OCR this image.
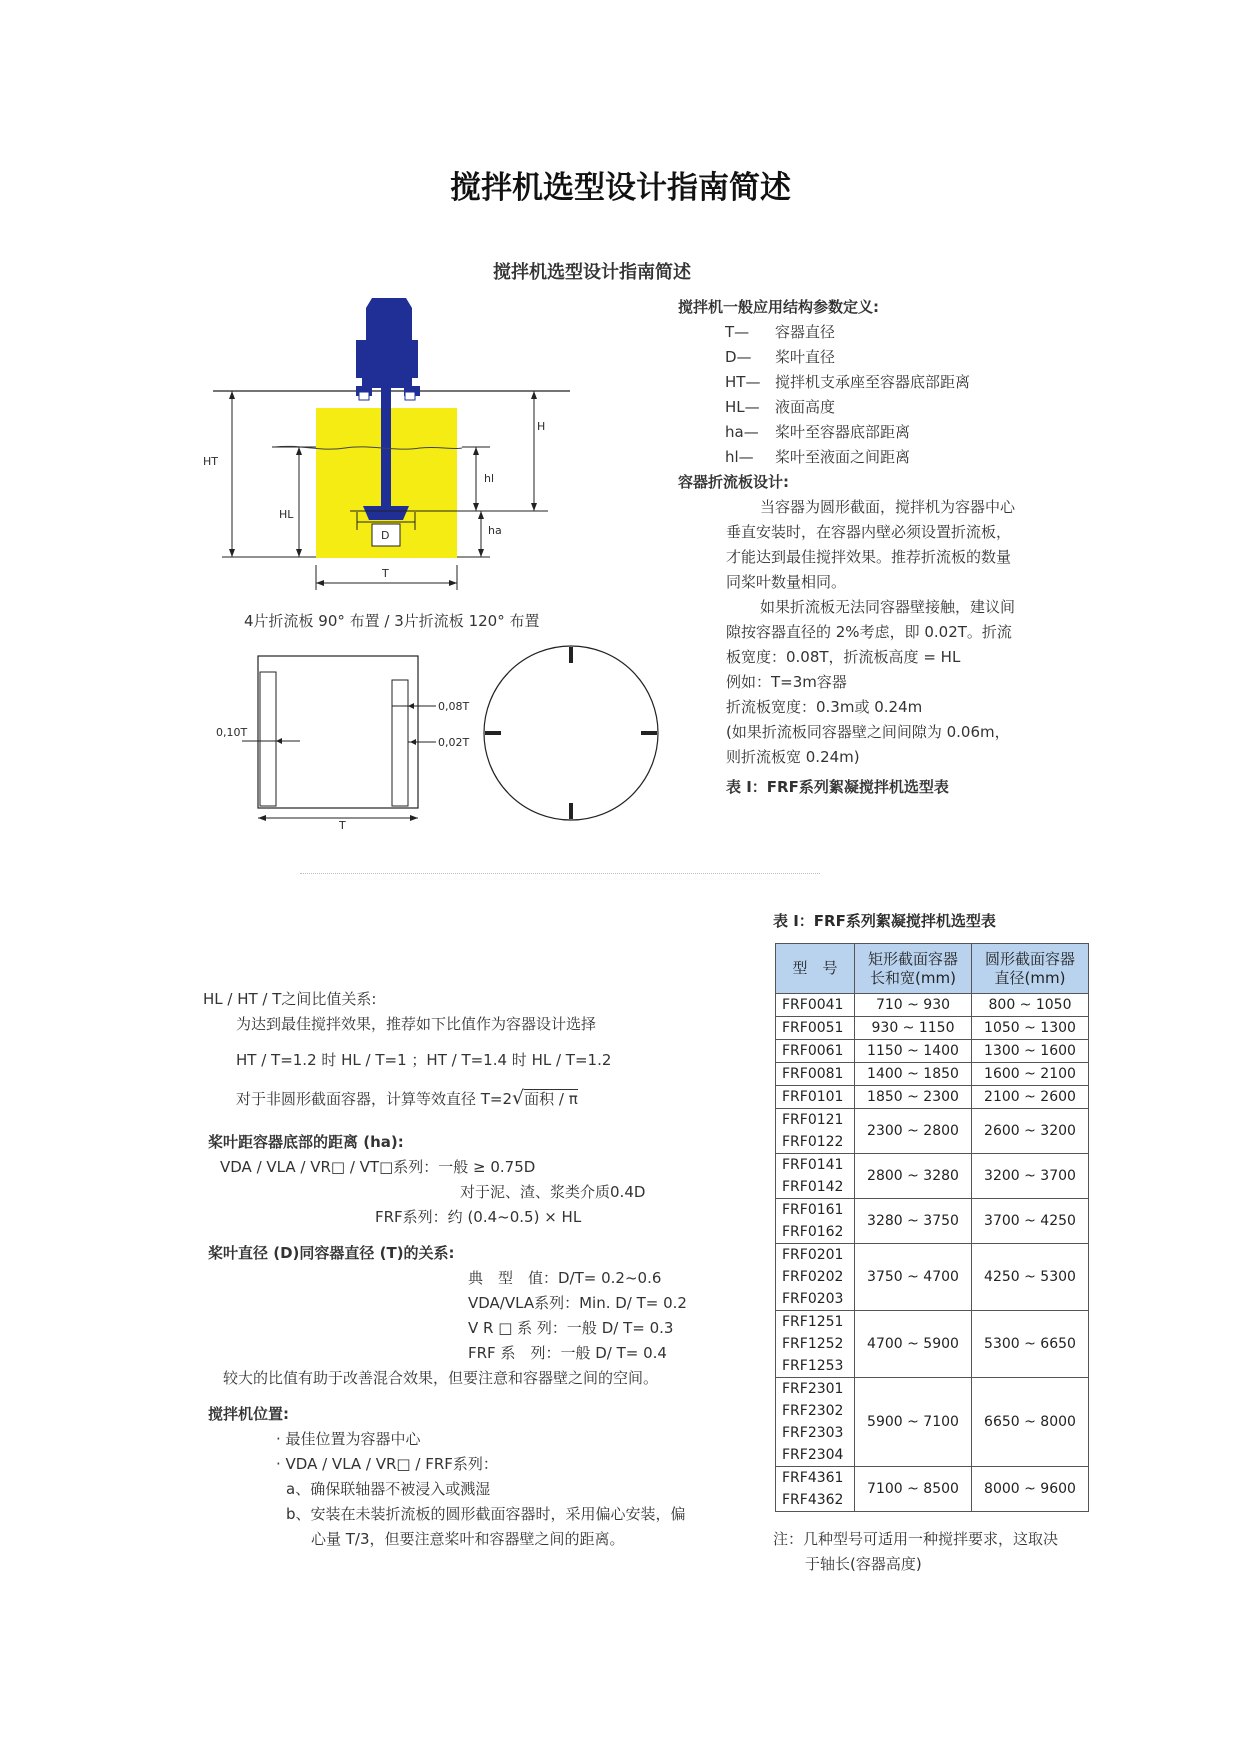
搅拌机选型设计指南简述
搅拌机选型设计指南简述
HT
HL
H
hl
ha
D
T
4片折流板 90° 布置 / 3片折流板 120° 布置
0,08T
0,10T
0,02T
T

搅拌机一般应用结构参数定义:

T— 容器直径

D— 桨叶直径

HT— 搅拌机支承座至容器底部距离

HL— 液面高度

ha— 桨叶至容器底部距离

hl— 桨叶至液面之间距离

容器折流板设计:

当容器为圆形截面，搅拌机为容器中心

垂直安装时，在容器内壁必须设置折流板，

才能达到最佳搅拌效果。推荐折流板的数量

同桨叶数量相同。

如果折流板无法同容器壁接触，建议间

隙按容器直径的 2%考虑，即 0.02T。折流

板宽度：0.08T，折流板高度 = HL

例如：T=3m容器

折流板宽度：0.3m或 0.24m

(如果折流板同容器壁之间间隙为 0.06m，

则折流板宽 0.24m)

表 I：FRF系列絮凝搅拌机选型表

HL / HT / T之间比值关系:

为达到最佳搅拌效果，推荐如下比值作为容器设计选择

HT / T=1.2 时 HL / T=1 ；HT / T=1.4 时 HL / T=1.2

对于非圆形截面容器，计算等效直径 T=2√面积 / π

桨叶距容器底部的距离 (ha):

VDA / VLA / VR□ / VT□系列：一般 ≥ 0.75D

对于泥、渣、浆类介质0.4D

FRF系列：约 (0.4~0.5) × HL

桨叶直径 (D)同容器直径 (T)的关系:

典　型　值：D/T= 0.2~0.6

VDA/VLA系列：Min. D/ T= 0.2

V R □ 系 列：一般 D/ T= 0.3

FRF 系　列：一般 D/ T= 0.4

较大的比值有助于改善混合效果，但要注意和容器壁之间的空间。

搅拌机位置:

· 最佳位置为容器中心

· VDA / VLA / VR□ / FRF系列：

a、确保联轴器不被浸入或溅湿

b、安装在未装折流板的圆形截面容器时，采用偏心安装，偏

心量 T/3，但要注意桨叶和容器壁之间的距离。

表 I：FRF系列絮凝搅拌机选型表
型　号	矩形截面容器
长和宽(mm)	圆形截面容器
直径(mm)
FRF0041	710 ~ 930	800 ~ 1050
FRF0051	930 ~ 1150	1050 ~ 1300
FRF0061	1150 ~ 1400	1300 ~ 1600
FRF0081	1400 ~ 1850	1600 ~ 2100
FRF0101	1850 ~ 2300	2100 ~ 2600
FRF0121	2300 ~ 2800	2600 ~ 3200
FRF0122		
FRF0141	2800 ~ 3280	3200 ~ 3700
FRF0142		
FRF0161	3280 ~ 3750	3700 ~ 4250
FRF0162		
FRF0201	3750 ~ 4700	4250 ~ 5300
FRF0202		
FRF0203		
FRF1251	4700 ~ 5900	5300 ~ 6650
FRF1252		
FRF1253		
FRF2301	5900 ~ 7100	6650 ~ 8000
FRF2302		
FRF2303		
FRF2304		
FRF4361	7100 ~ 8500	8000 ~ 9600
FRF4362		
注：几种型号可适用一种搅拌要求，这取决
于轴长(容器高度)
